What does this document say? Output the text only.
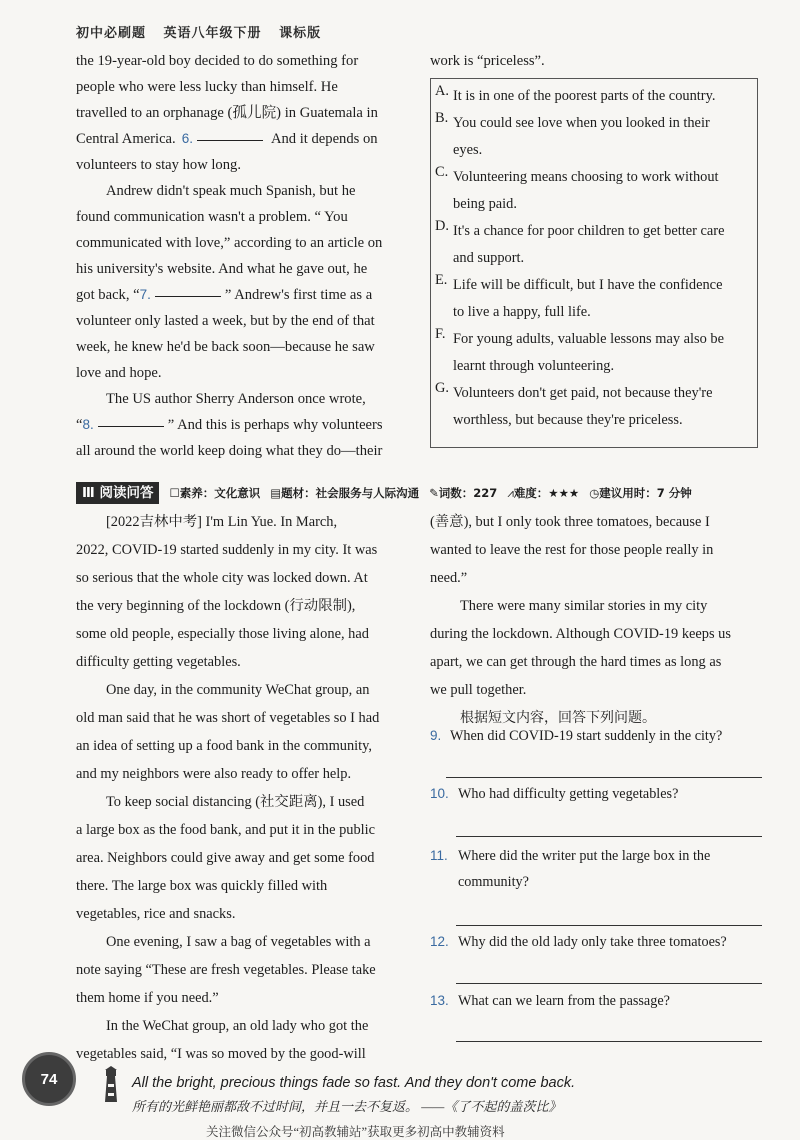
初中必刷题 英语八年级下册 课标版
the 19-year-old boy decided to do something for
people who were less lucky than himself. He
travelled to an orphanage (孤儿院) in Guatemala in
Central America. 6.	And it depends on
volunteers to stay how long.
Andrew didn't speak much Spanish, but he
found communication wasn't a problem. “ You
communicated with love,” according to an article on
his university's website. And what he gave out, he
got back, “ 7.	” Andrew's first time as a
volunteer only lasted a week, but by the end of that
week, he knew he'd be back soon—because he saw
love and hope.
The US author Sherry Anderson once wrote,
“ 8.	” And this is perhaps why volunteers
all around the world keep doing what they do—their
work is “priceless”.
A. It is in one of the poorest parts of the country.
B. You could see love when you looked in their
eyes.
C. Volunteering means choosing to work without
being paid.
D. It's a chance for poor children to get better care
and support.
E. Life will be difficult, but I have the confidence
to live a happy, full life.
F. For young adults, valuable lessons may also be
learnt through volunteering.
G. Volunteers don't get paid, not because they're
worthless, but because they're priceless.
Ⅲ 阅读问答	☐素养：文化意识 ▤题材：社会服务与人际沟通 ✎词数：227 ⩘难度：★★★ ◷建议用时：7 分钟
[2022吉林中考] I'm Lin Yue. In March,
2022, COVID-19 started suddenly in my city. It was
so serious that the whole city was locked down. At
the very beginning of the lockdown (行动限制),
some old people, especially those living alone, had
difficulty getting vegetables.
One day, in the community WeChat group, an
old man said that he was short of vegetables so I had
an idea of setting up a food bank in the community,
and my neighbors were also ready to offer help.
To keep social distancing (社交距离), I used
a large box as the food bank, and put it in the public
area. Neighbors could give away and get some food
there. The large box was quickly filled with
vegetables, rice and snacks.
One evening, I saw a bag of vegetables with a
note saying “These are fresh vegetables. Please take
them home if you need.”
In the WeChat group, an old lady who got the
vegetables said, “I was so moved by the good-will
(善意), but I only took three tomatoes, because I
wanted to leave the rest for those people really in
need.”
There were many similar stories in my city
during the lockdown. Although COVID-19 keeps us
apart, we can get through the hard times as long as
we pull together.
根据短文内容，回答下列问题。
9. When did COVID-19 start suddenly in the city?
10. Who had difficulty getting vegetables?
11. Where did the writer put the large box in the
community?
12. Why did the old lady only take three tomatoes?
13. What can we learn from the passage?
74	All the bright, precious things fade so fast. And they don't come back.
所有的光鲜艳丽都敌不过时间，并且一去不复返。 ——《了不起的盖茨比》
关注微信公众号“初高教辅站”获取更多初高中教辅资料
